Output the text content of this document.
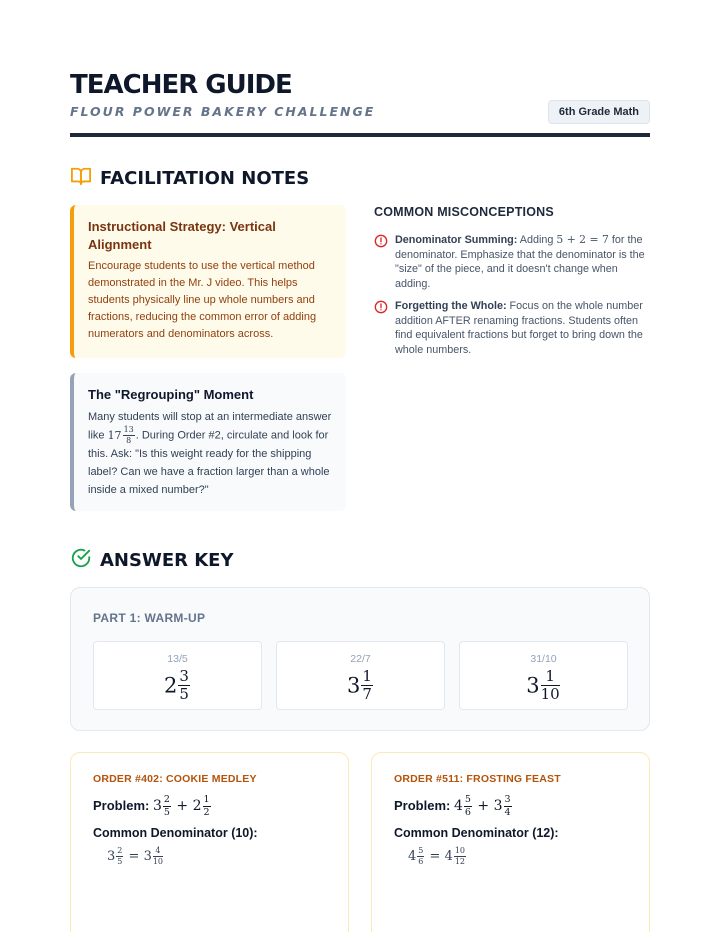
TEACHER GUIDE
FLOUR POWER BAKERY CHALLENGE	6th Grade Math
FACILITATION NOTES
Instructional Strategy: Vertical Alignment
Encourage students to use the vertical method demonstrated in the Mr. J video. This helps students physically line up whole numbers and fractions, reducing the common error of adding numerators and denominators across.
The "Regrouping" Moment
Many students will stop at an intermediate answer like $17 \frac{13}{8}$ . During Order #2, circulate and look for this. Ask: "Is this weight ready for the shipping label? Can we have a fraction larger than a whole inside a mixed number?"
COMMON MISCONCEPTIONS
Denominator Summing: Adding 5 + 2 = 7 for the denominator. Emphasize that the denominator is the "size" of the piece, and it doesn't change when adding.
Forgetting the Whole: Focus on the whole number addition AFTER renaming fractions. Students often find equivalent fractions but forget to bring down the whole numbers.
ANSWER KEY
PART 1: WARM-UP
13/5
$2 \frac{3}{5}$
22/7
$3 \frac{1}{7}$
31/10
$3 \frac{1}{10}$
ORDER #402: COOKIE MEDLEY
Problem: $3 \frac{2}{5} + 2 \frac{1}{2}$
Common Denominator (10):
$3 \frac{2}{5} = 3 \frac{4}{10}$
ORDER #511: FROSTING FEAST
Problem: $4 \frac{5}{6} + 3 \frac{3}{4}$
Common Denominator (12):
$4 \frac{5}{6} = 4 \frac{10}{12}$
